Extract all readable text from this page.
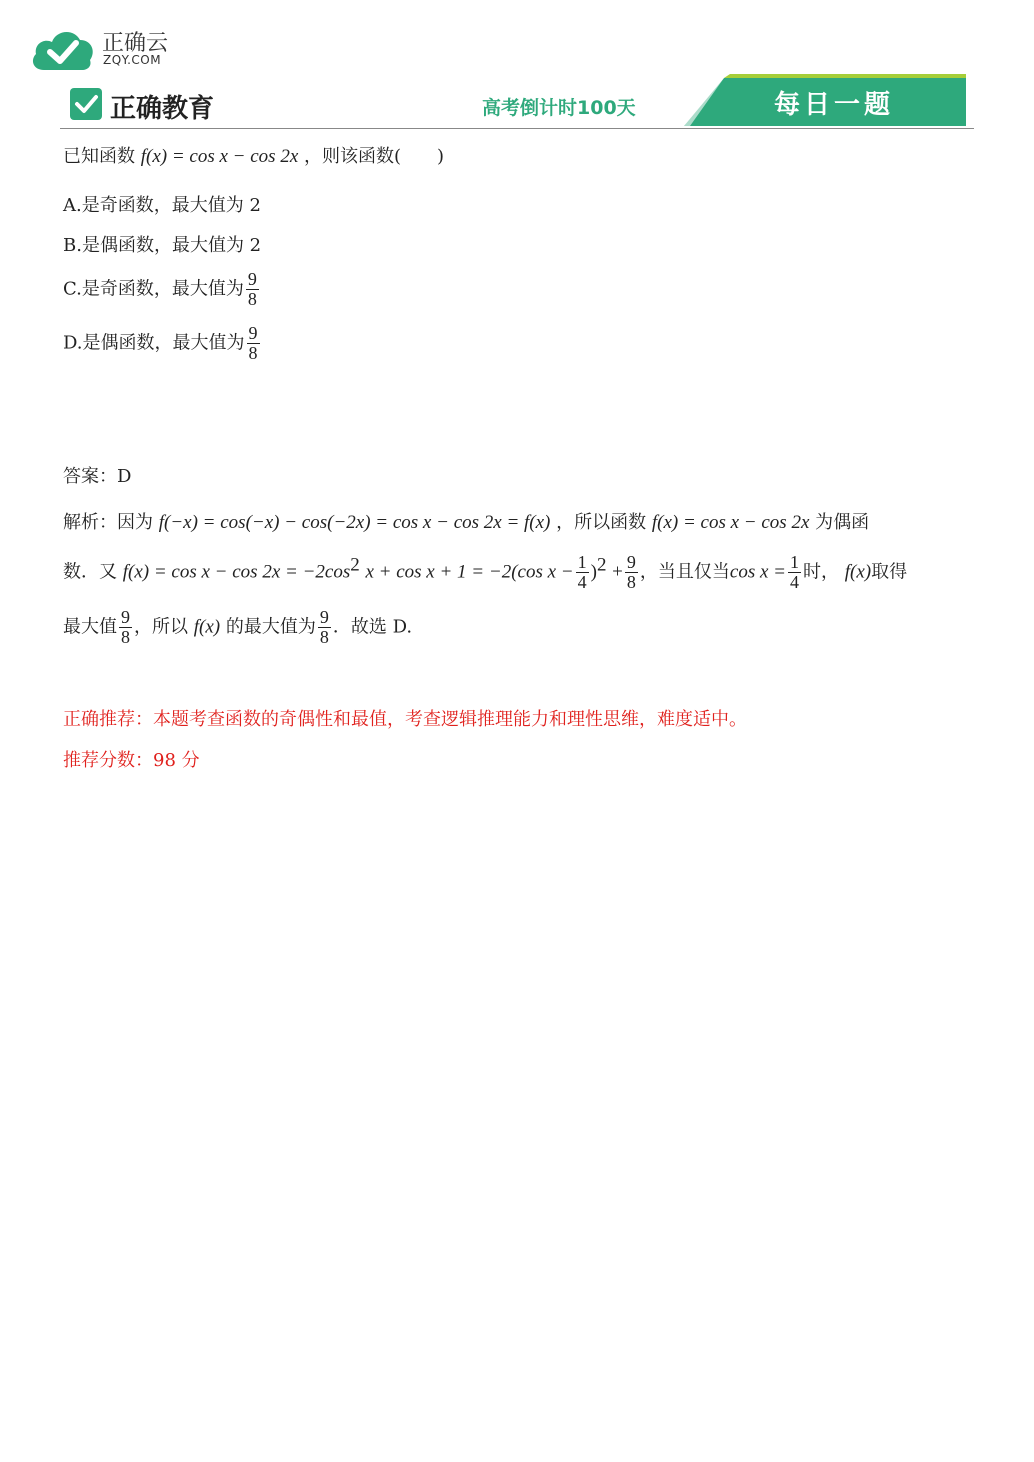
正确云
ZQY.COM
正确教育	高考倒计时100天	每日一题
已知函数 f(x) = cos x − cos 2x ，则该函数(　　)
A.是奇函数，最大值为 2
B.是偶函数，最大值为 2
C.是奇函数，最大值为 $\frac{9}{8}$
D.是偶函数，最大值为 $\frac{9}{8}$
答案：D
解析：因为 f(−x) = cos(−x) − cos(−2x) = cos x − cos 2x = f(x) ，所以函数 f(x) = cos x − cos 2x 为偶函
数．又 $f(x) = \cos x - \cos 2x = -2\cos^2$ x + cos x + 1 = −2(cos $x - \frac{1}{4} )^2 + \frac{9}{8}$ ，当且仅当$\cos x = \frac{1}{4}$ 时， f(x)取得
最大值 $\frac{9}{8}$ ，所以 f(x) 的最大值为 $\frac{9}{8}$ ．故选 D.
正确推荐：本题考查函数的奇偶性和最值，考查逻辑推理能力和理性思维，难度适中。
推荐分数：98 分
